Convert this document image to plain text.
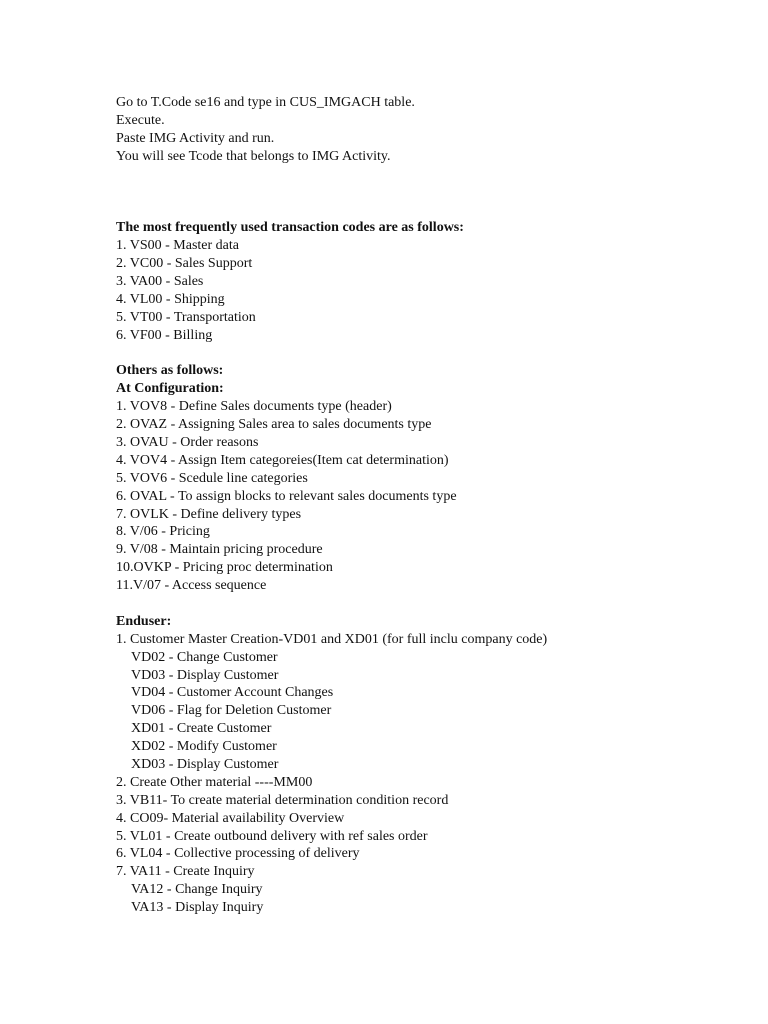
Go to T.Code se16 and type in CUS_IMGACH table.
Execute.
Paste IMG Activity and run.
You will see Tcode that belongs to IMG Activity.
The most frequently used transaction codes are as follows:
1. VS00 - Master data
2. VC00 - Sales Support
3. VA00 - Sales
4. VL00 - Shipping
5. VT00 - Transportation
6. VF00 - Billing
Others as follows:
At Configuration:
1. VOV8 - Define Sales documents type (header)
2. OVAZ - Assigning Sales area to sales documents type
3. OVAU - Order reasons
4. VOV4 - Assign Item categoreies(Item cat determination)
5. VOV6 - Scedule line categories
6. OVAL - To assign blocks to relevant sales documents type
7. OVLK - Define delivery types
8. V/06 - Pricing
9. V/08 - Maintain pricing procedure
10.OVKP - Pricing proc determination
11.V/07 - Access sequence
Enduser:
1. Customer Master Creation-VD01 and XD01 (for full inclu company code)
VD02 - Change Customer
VD03 - Display Customer
VD04 - Customer Account Changes
VD06 - Flag for Deletion Customer
XD01 - Create Customer
XD02 - Modify Customer
XD03 - Display Customer
2. Create Other material ----MM00
3. VB11- To create material determination condition record
4. CO09- Material availability Overview
5. VL01 - Create outbound delivery with ref sales order
6. VL04 - Collective processing of delivery
7. VA11 - Create Inquiry
VA12 - Change Inquiry
VA13 - Display Inquiry
